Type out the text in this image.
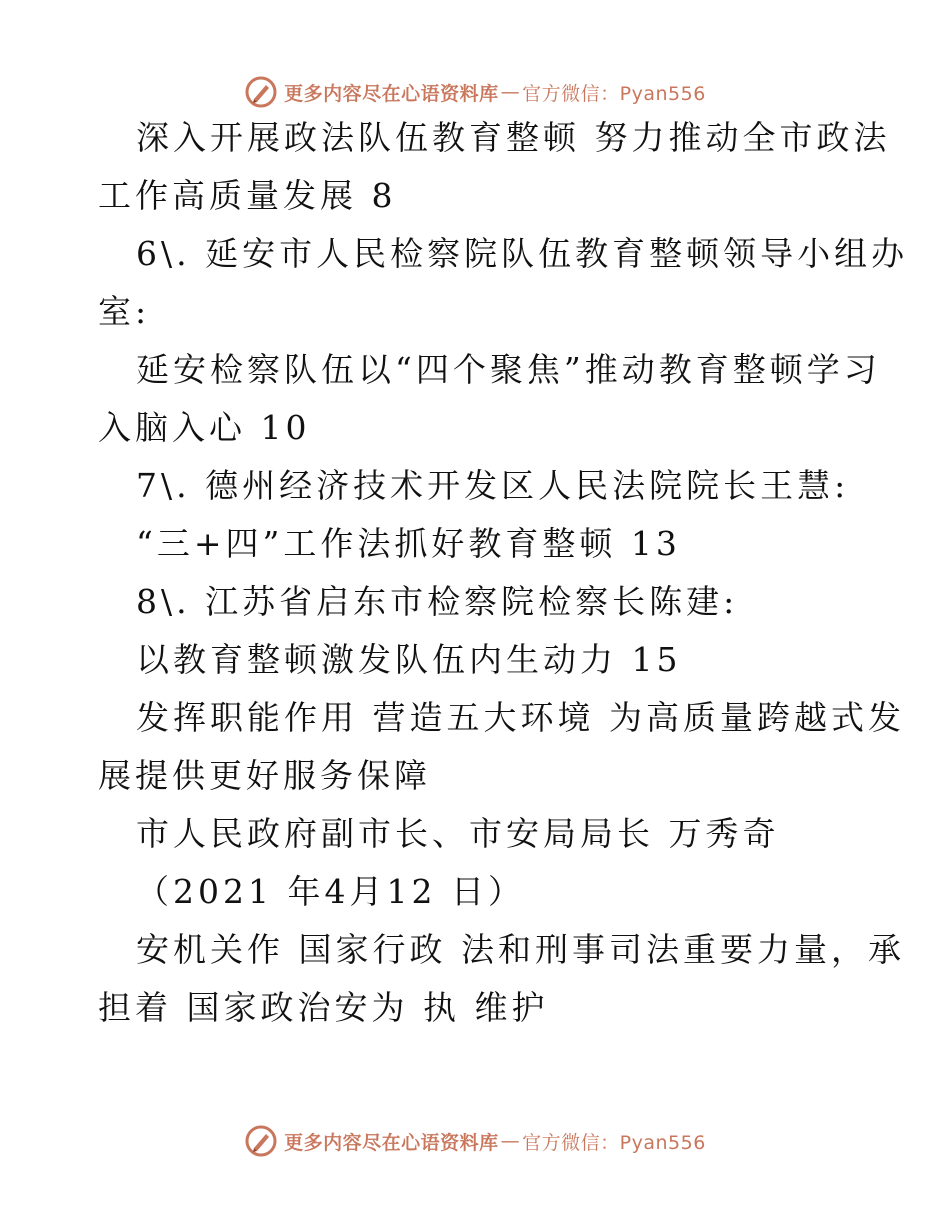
更多内容尽在心语资料库 — 官方微信：Pyan556
深入开展政法队伍教育整顿 努力推动全市政法
工作高质量发展 8
6\. 延安市人民检察院队伍教育整顿领导小组办
室:
延安检察队伍以“四个聚焦”推动教育整顿学习
入脑入心 10
7\. 德州经济技术开发区人民法院院长王慧:
“三+四”工作法抓好教育整顿 13
8\. 江苏省启东市检察院检察长陈建:
以教育整顿激发队伍内生动力 15
发挥职能作用 营造五大环境 为高质量跨越式发
展提供更好服务保障
市人民政府副市长、市安局局长 万秀奇
（2021 年4月12 日）
安机关作 国家行政 法和刑事司法重要力量，承
担着 国家政治安为 执 维护
更多内容尽在心语资料库 — 官方微信：Pyan556
